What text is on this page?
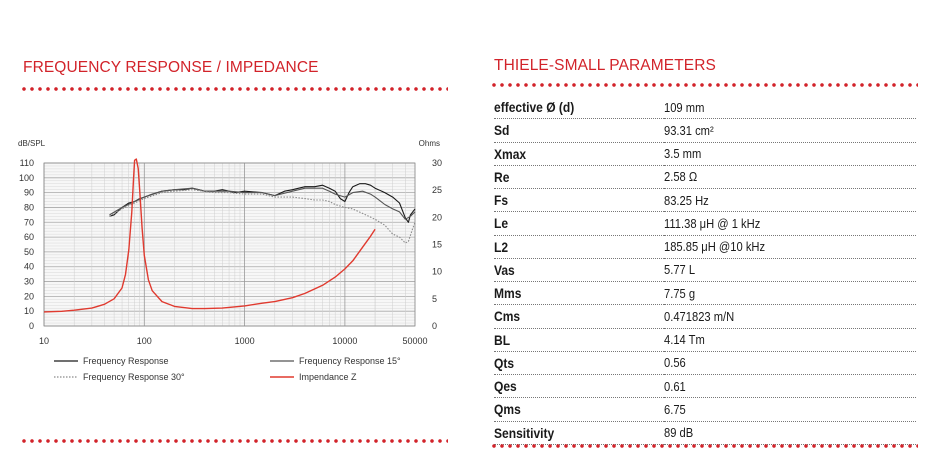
FREQUENCY RESPONSE / IMPEDANCE	THIELE-SMALL PARAMETERS
0
10
20
30
40
50
60
70
80
90
100
110
0
5
10
15
20
25
30
10	100	1000	10000	50000
dB/SPL	Ohms
Frequency Response	Frequency Response 15°
Frequency Response 30°	Impendance Z
effective Ø (d)	109 mm
Sd	93.31 cm²
Xmax	3.5 mm
Re	2.58 Ω
Fs	83.25 Hz
Le	111.38 μH @ 1 kHz
L2	185.85 μH @10 kHz
Vas	5.77 L
Mms	7.75 g
Cms	0.471823 m/N
BL	4.14 Tm
Qts	0.56
Qes	0.61
Qms	6.75
Sensitivity	89 dB
